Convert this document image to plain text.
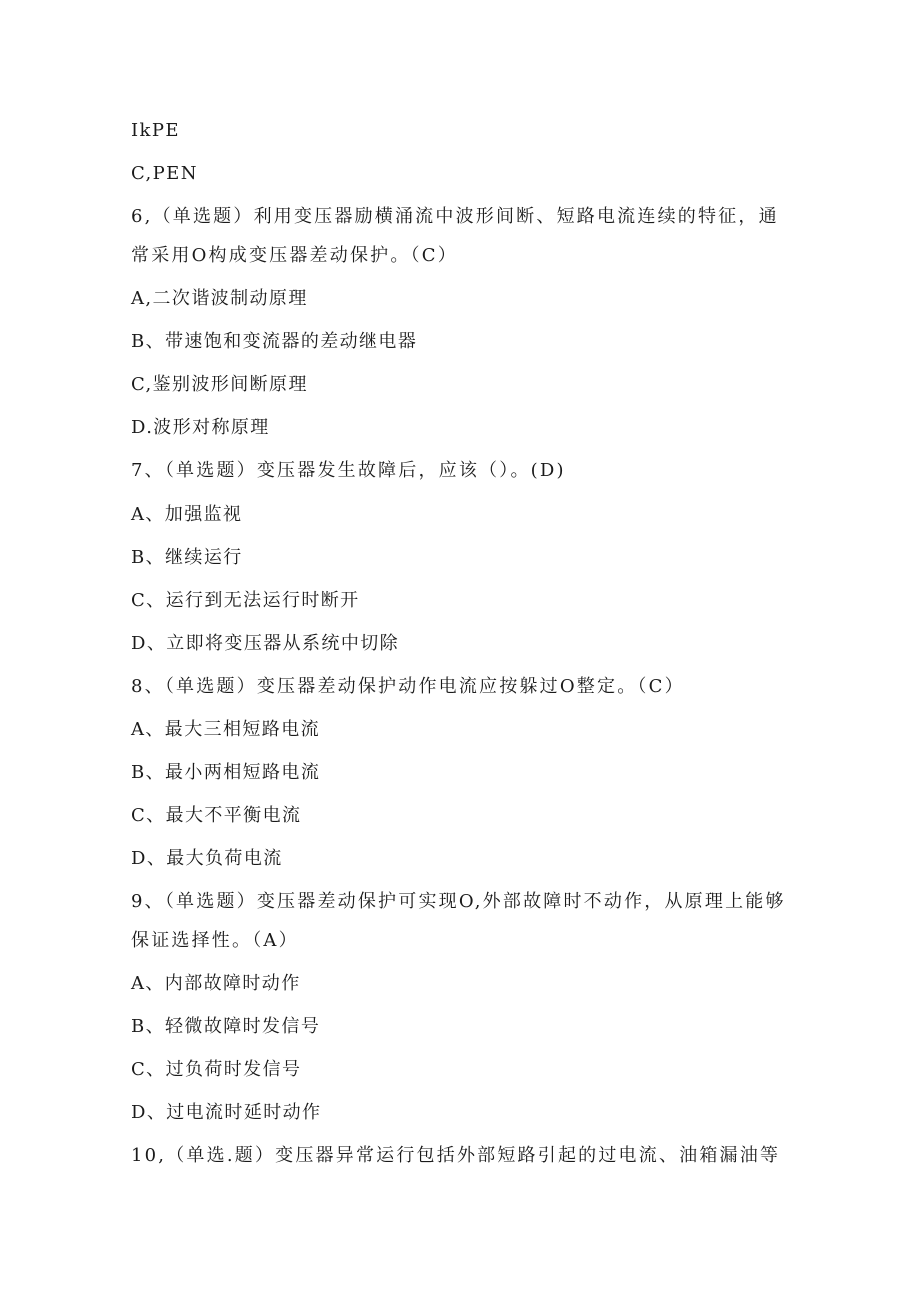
IkPE
C,PEN
6,（单选题）利用变压器励横涌流中波形间断、短路电流连续的特征，通
常采用O构成变压器差动保护。（C）
A,二次谐波制动原理
B、带速饱和变流器的差动继电器
C,鉴别波形间断原理
D.波形对称原理
7、（单选题）变压器发生故障后，应该（）。(D)
A、加强监视
B、继续运行
C、运行到无法运行时断开
D、立即将变压器从系统中切除
8、（单选题）变压器差动保护动作电流应按躲过O整定。（C）
A、最大三相短路电流
B、最小两相短路电流
C、最大不平衡电流
D、最大负荷电流
9、（单选题）变压器差动保护可实现O,外部故障时不动作，从原理上能够
保证选择性。（A）
A、内部故障时动作
B、轻微故障时发信号
C、过负荷时发信号
D、过电流时延时动作
10,（单选.题）变压器异常运行包括外部短路引起的过电流、油箱漏油等
